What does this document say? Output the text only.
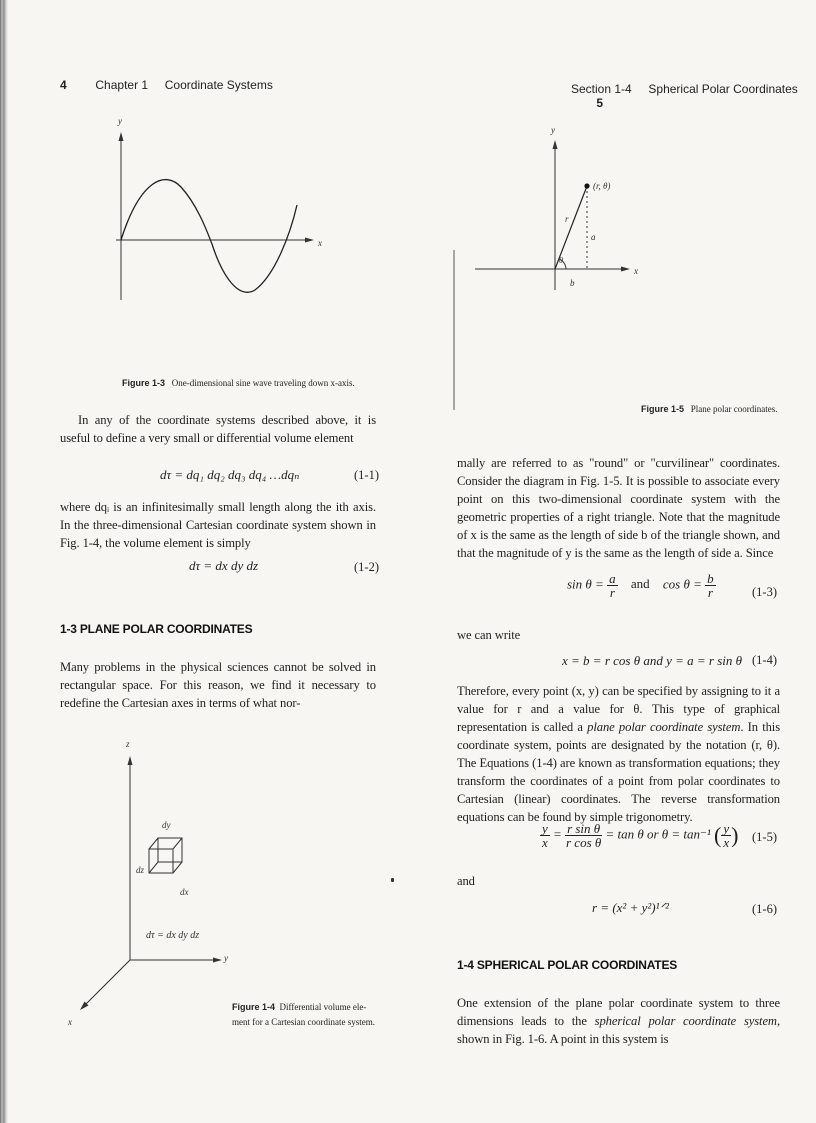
4 Chapter 1 Coordinate Systems
y
x
Figure 1-3 One-dimensional sine wave traveling down x-axis.
In any of the coordinate systems described above, it is useful to define a very small or differential volume element
dτ = dq₁ dq₂ dq₃ dq₄ …dqₙ	(1-1)
where dqᵢ is an infinitesimally small length along the ith axis. In the three-dimensional Cartesian coordinate system shown in Fig. 1-4, the volume element is simply
dτ = dx dy dz	(1-2)
1-3 PLANE POLAR COORDINATES
Many problems in the physical sciences cannot be solved in rectangular space. For this reason, we find it necessary to redefine the Cartesian axes in terms of what nor-
z
y
x
dy
dz
dx
dτ = dx dy dz
Figure 1-4 Differential volume ele-
ment for a Cartesian coordinate system.
Section 1-4 Spherical Polar Coordinates  5
y
x
(r, θ)
r
a
b
θ
Figure 1-5 Plane polar coordinates.
mally are referred to as "round" or "curvilinear" coordinates. Consider the diagram in Fig. 1-5. It is possible to associate every point on this two-dimensional coordinate system with the geometric properties of a right triangle. Note that the magnitude of x is the same as the length of side b of the triangle shown, and that the magnitude of y is the same as the length of side a. Since
$\sin \theta = \frac{a}{r}$ and $\cos \theta = \frac{b}{r}$	(1-3)
we can write
x = b = r cos θ and y = a = r sin θ (1-4)
Therefore, every point (x, y) can be specified by assigning to it a value for r and a value for θ. This type of graphical representation is called a plane polar coordinate system. In this coordinate system, points are designated by the notation (r, θ). The Equations (1-4) are known as transformation equations; they transform the coordinates of a point from polar coordinates to Cartesian (linear) coordinates. The reverse transformation equations can be found by simple trigonometry.
$\frac{y}{x} = \frac{\text{r sin θ}}{\text{r cos θ}} = \tan \theta$ or θ = tan⁻¹ ( $\frac{y}{x}$ ) (1-5)
and
r = (x² + y²)¹ᐟ²	(1-6)
1-4 SPHERICAL POLAR COORDINATES
One extension of the plane polar coordinate system to three dimensions leads to the spherical polar coordinate system, shown in Fig. 1-6. A point in this system is
